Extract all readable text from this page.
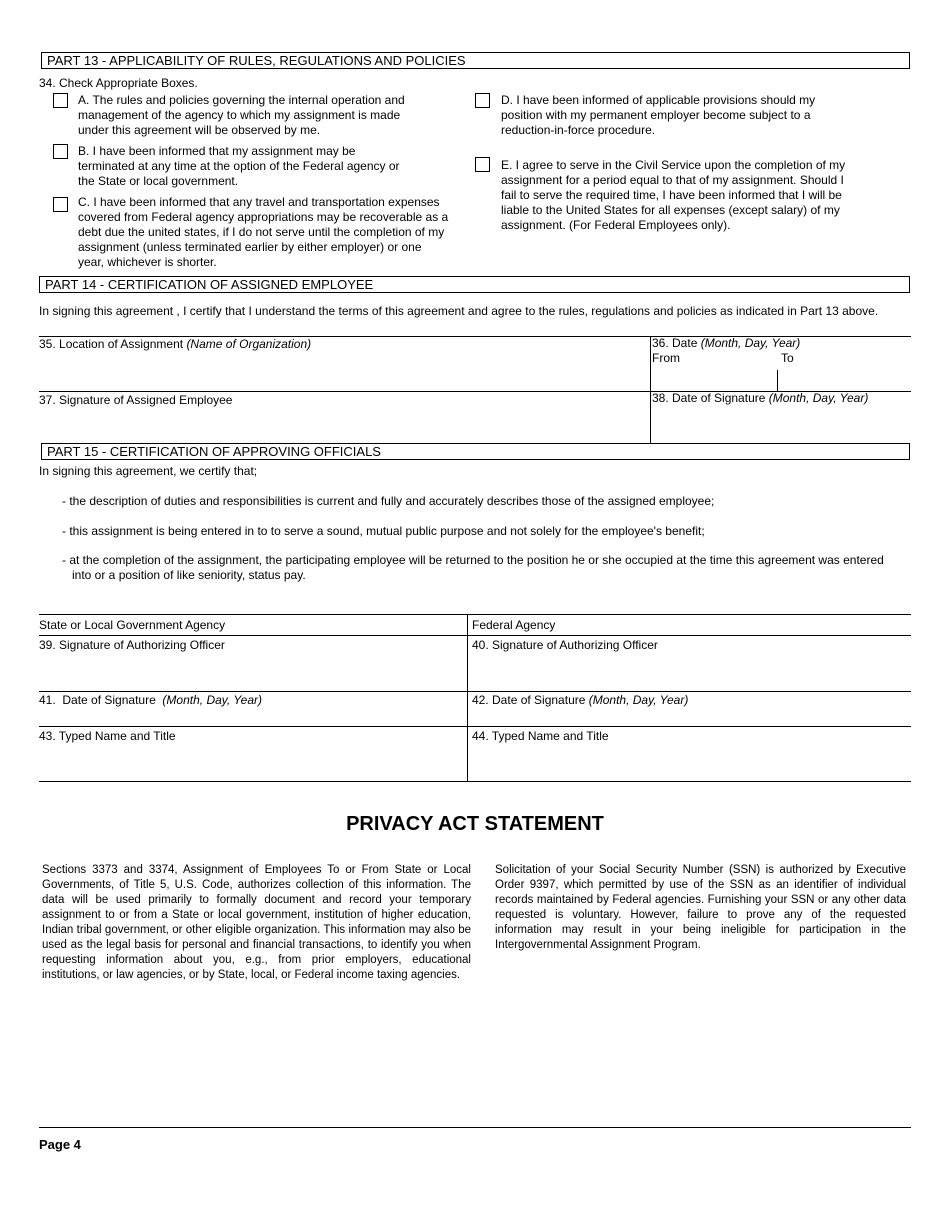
PART 13 - APPLICABILITY OF RULES, REGULATIONS AND POLICIES
34. Check Appropriate Boxes.
A. The rules and policies governing the internal operation and
management of the agency to which my assignment is made
under this agreement will be observed by me.
B. I have been informed that my assignment may be
terminated at any time at the option of the Federal agency or
the State or local government.
C. I have been informed that any travel and transportation expenses
covered from Federal agency appropriations may be recoverable as a
debt due the united states, if I do not serve until the completion of my
assignment (unless terminated earlier by either employer) or one
year, whichever is shorter.
D. I have been informed of applicable provisions should my
position with my permanent employer become subject to a
reduction-in-force procedure.
E. I agree to serve in the Civil Service upon the completion of my
assignment for a period equal to that of my assignment. Should I
fail to serve the required time, I have been informed that I will be
liable to the United States for all expenses (except salary) of my
assignment. (For Federal Employees only).
PART 14 - CERTIFICATION OF ASSIGNED EMPLOYEE
In signing this agreement , I certify that I understand the terms of this agreement and agree to the rules, regulations and policies as indicated in Part 13 above.
35. Location of Assignment (Name of Organization)	36. Date (Month, Day, Year)
From	To
37. Signature of Assigned Employee	38. Date of Signature (Month, Day, Year)
PART 15 - CERTIFICATION OF APPROVING OFFICIALS
In signing this agreement, we certify that;
- the description of duties and responsibilities is current and fully and accurately describes those of the assigned employee;
- this assignment is being entered in to to serve a sound, mutual public purpose and not solely for the employee's benefit;
- at the completion of the assignment, the participating employee will be returned to the position he or she occupied at the time this agreement was entered
into or a position of like seniority, status pay.
State or Local Government Agency	Federal Agency
39. Signature of Authorizing Officer	40. Signature of Authorizing Officer
41.  Date of Signature  (Month, Day, Year)	42. Date of Signature (Month, Day, Year)
43. Typed Name and Title	44. Typed Name and Title
PRIVACY ACT STATEMENT
Sections 3373 and 3374, Assignment of Employees To or From State or Local Governments, of Title 5, U.S. Code, authorizes collection of this information. The data will be used primarily to formally document and record your temporary assignment to or from a State or local government, institution of higher education, Indian tribal government, or other eligible organization. This information may also be used as the legal basis for personal and financial transactions, to identify you when requesting information about you, e.g., from prior employers, educational institutions, or law agencies, or by State, local, or Federal income taxing agencies.
Solicitation of your Social Security Number (SSN) is authorized by Executive Order 9397, which permitted by use of the SSN as an identifier of individual records maintained by Federal agencies. Furnishing your SSN or any other data requested is voluntary. However, failure to prove any of the requested information may result in your being ineligible for participation in the Intergovernmental Assignment Program.
Page 4
